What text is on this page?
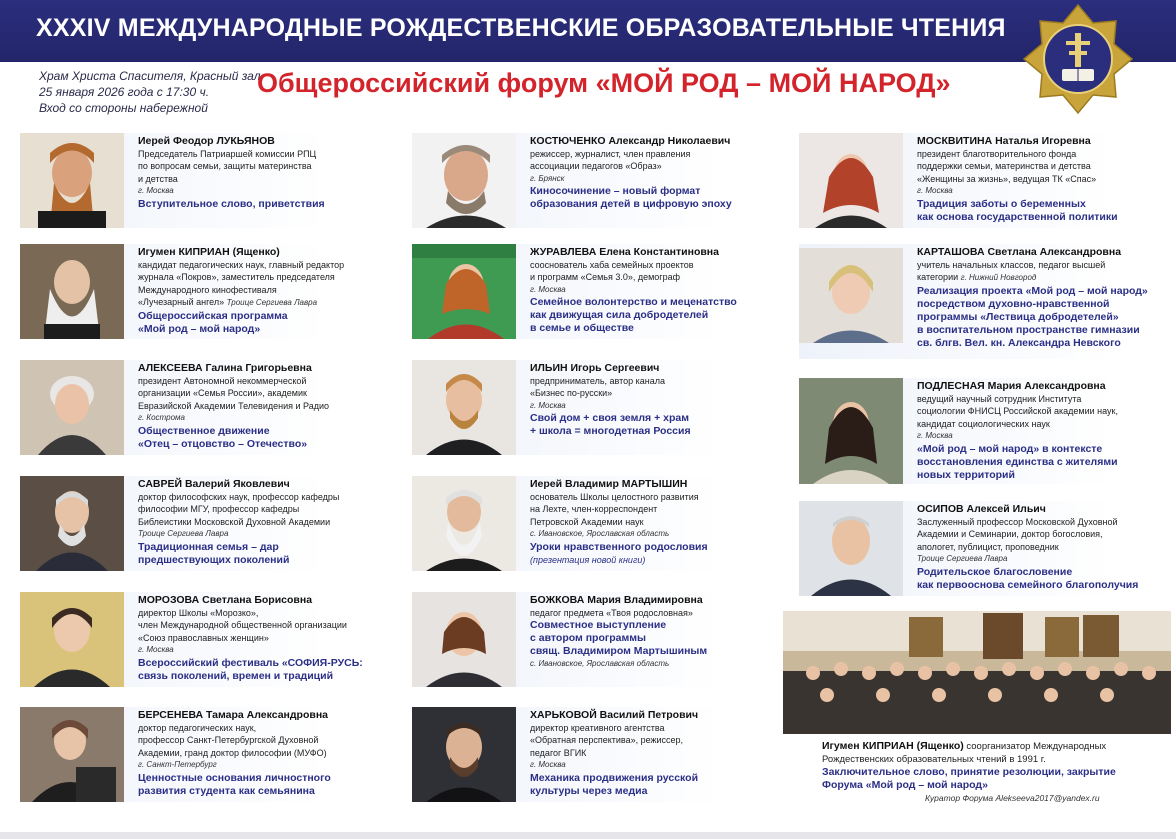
XXXIV МЕЖДУНАРОДНЫЕ РОЖДЕСТВЕНСКИЕ ОБРАЗОВАТЕЛЬНЫЕ ЧТЕНИЯ
Храм Христа Спасителя, Красный зал
25 января 2026 года с 17:30 ч.
Вход со стороны набережной
Общероссийский форум «МОЙ РОД – МОЙ НАРОД»
Иерей Феодор ЛУКЬЯНОВ
Председатель Патриаршей комиссии РПЦ
по вопросам семьи, защиты материнства
и детства
г. Москва
Вступительное слово, приветствия
Игумен КИПРИАН (Ященко)
кандидат педагогических наук, главный редактор
журнала «Покров», заместитель председателя
Международного кинофестиваля
«Лучезарный ангел» Троице Сергиева Лавра
Общероссийская программа
«Мой род – мой народ»
АЛЕКСЕЕВА Галина Григорьевна
президент Автономной некоммерческой
организации «Семья России», академик
Евразийской Академии Телевидения и Радио
г. Кострома
Общественное движение
«Отец – отцовство – Отечество»
САВРЕЙ Валерий Яковлевич
доктор философских наук, профессор кафедры
философии МГУ, профессор кафедры
Библеистики Московской Духовной Академии
Троице Сергиева Лавра
Традиционная семья – дар
предшествующих поколений
МОРОЗОВА Светлана Борисовна
директор Школы «Морозко»,
член Международной общественной организации
«Союз православных женщин»
г. Москва
Всероссийский фестиваль «СОФИЯ-РУСЬ:
связь поколений, времен и традиций
БЕРСЕНЕВА Тамара Александровна
доктор педагогических наук,
профессор Санкт-Петербургской Духовной
Академии, гранд доктор философии (МУФО)
г. Санкт-Петербург
Ценностные основания личностного
развития студента как семьянина
КОСТЮЧЕНКО Александр Николаевич
режиссер, журналист, член правления
ассоциации педагогов «Образ»
г. Брянск
Киносочинение – новый формат
образования детей в цифровую эпоху
ЖУРАВЛЕВА Елена Константиновна
сооснователь хаба семейных проектов
и программ «Семья 3.0», демограф
г. Москва
Семейное волонтерство и меценатство
как движущая сила добродетелей
в семье и обществе
ИЛЬИН Игорь Сергеевич
предприниматель, автор канала
«Бизнес по-русски»
г. Москва
Свой дом + своя земля + храм
+ школа = многодетная Россия
Иерей Владимир МАРТЫШИН
основатель Школы целостного развития
на Лехте, член-корреспондент
Петровской Академии наук
с. Ивановское, Ярославская область
Уроки нравственного родословия
(презентация новой книги)
БОЖКОВА Мария Владимировна
педагог предмета «Твоя родословная»
Совместное выступление
с автором программы
свящ. Владимиром Мартышиным
с. Ивановское, Ярославская область
ХАРЬКОВОЙ Василий Петрович
директор креативного агентства
«Обратная перспектива», режиссер,
педагог ВГИК
г. Москва
Механика продвижения русской
культуры через медиа
МОСКВИТИНА Наталья Игоревна
президент благотворительного фонда
поддержки семьи, материнства и детства
«Женщины за жизнь», ведущая ТК «Спас»
г. Москва
Традиция заботы о беременных
как основа государственной политики
КАРТАШОВА Светлана Александровна
учитель начальных классов, педагог высшей
категории г. Нижний Новгород
Реализация проекта «Мой род – мой народ»
посредством духовно-нравственной
программы «Лествица добродетелей»
в воспитательном пространстве гимназии
св. блгв. Вел. кн. Александра Невского
ПОДЛЕСНАЯ Мария Александровна
ведущий научный сотрудник Института
социологии ФНИСЦ Российской академии наук,
кандидат социологических наук
г. Москва
«Мой род – мой народ» в контексте
восстановления единства с жителями
новых территорий
ОСИПОВ Алексей Ильич
Заслуженный профессор Московской Духовной
Академии и Семинарии, доктор богословия,
апологет, публицист, проповедник
Троице Сергиева Лавра
Родительское благословение
как первооснова семейного благополучия
Игумен КИПРИАН (Ященко) соорганизатор Международных
Рождественских образовательных чтений в 1991 г.
Заключительное слово, принятие резолюции, закрытие
Форума «Мой род – мой народ»
Куратор Форума Alekseeva2017@yandex.ru
